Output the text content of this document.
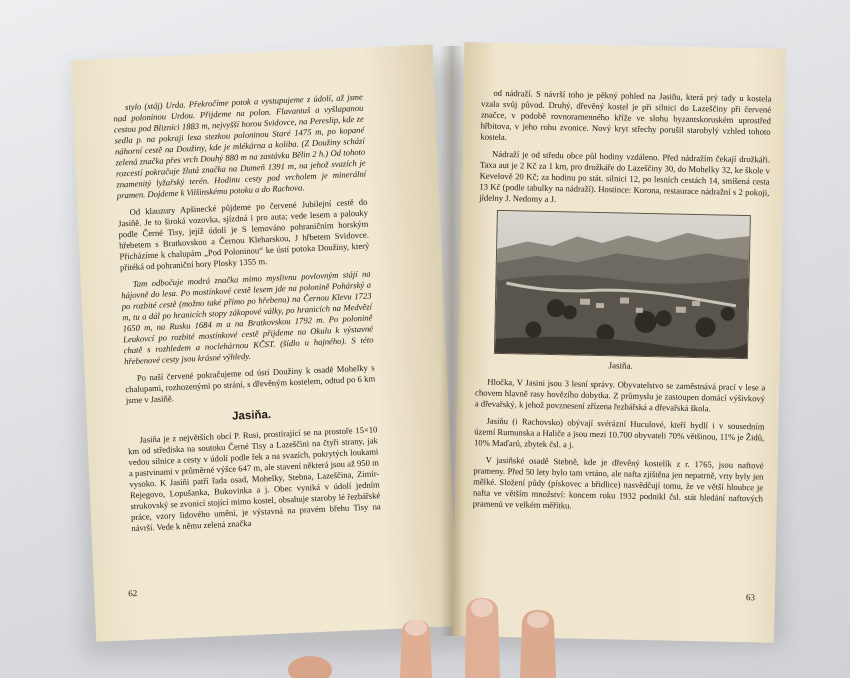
stylo (stáj) Urda. Překročíme potok a vystupujeme z údolí, až jsme nad poloninou Urdou. Přijdeme na polon. Flavantuš a vyšlapanou cestou pod Blizníci 1883 m, nejvyšší horou Svidovce, na Pereslip, kde ze sedla p. na pokraji lesa stezkou poloninou Staré 1475 m, po kopané náhorní cestě na Doužiny, kde je mlékárna a koliba. (Z Doužiny schází zelená značka přes vrch Douhý 880 m na zastávku Bělin 2 h.) Od tohoto rozcestí pokračuje žlutá značka na Dumeň 1391 m, na jehož svazích je znamenitý lyžařský terén. Hodinu cesty pod vrcholem je minerální pramen. Dojdeme k Vilšinskému potoku a do Rachova.

Od klauzury Apšinecké půjdeme po červené Jubilejní cestě do Jasiňě. Je to široká vozovka, sjízdná i pro auta; vede lesem a palouky podle Černé Tisy, jejíž údolí je S lemováno pohraničním horským hřebetem s Bratkovskou a Černou Kleharskou, J hřbetem Svidovce. Přicházíme k chalupám „Pod Poloninou“ ke ústí potoka Doužiny, který přitéká od pohraniční hory Plosky 1355 m.

Tam odbočuje modrá značka mimo myslivnu povlovným stájí na hájovně do lesa. Po mostínkové cestě lesem jde na polonině Pohárský a po rozbité cestě (možno také přímo po hřebenu) na Černou Klevu 1723 m, tu a dál po hranicích stopy zákopové války, po hranicích na Medvězí 1650 m, na Rusku 1684 m a na Bratkovskou 1792 m. Po polonině Leukovcí po rozbité mostínkové cestě přijdeme na Okulu k výstavné chatě s rozhledem a noclehárnou KČST. (šídlo u hajného). S této hřebenové cesty jsou krásné výhledy.

Po naší červené pokračujeme od ústí Doužiny k osadě Mohelky s chalupami, rozhozenými po strání, s dřevěným kostelem, odtud po 6 km jsme v Jasiňě.

Jasiňa.

Jasiňa je z největších obcí P. Rusi, prostírající se na prostoře 15×10 km od střediska na soutoku Černé Tisy a Lazeščini na čtyři strany, jak vedou silnice a cesty v údolí podle řek a na svazích, pokrytých loukami a pastvinami v průměrné výšce 647 m, ale stavení některá jsou až 950 m vysoko. K Jasiňi patří řada osad, Mohelky, Stebna, Lazeščina, Zimír-Rejegovo, Lopušanka, Bukovinka a j. Obec vyniká v údolí jedním strukovský se zvonicí stojící mimo kostel, obsahuje staroby lé řezbářské práce, vzory lidového umění, je výstavná na pravém břehu Tisy na návrší. Vede k němu zelená značka

62

od nádraží. S návrší toho je pěkný pohled na Jasiňu, která prý tady u kostela vzala svůj původ. Druhý, dřevěný kostel je při silnici do Lazeščiny při červené značce, v podobě rovnoramenného kříže ve slohu byzantskoruském uprostřed hřbitova, v jeho rohu zvonice. Nový kryt střechy porušil starobylý vzhled tohoto kostela.

Nádraží je od středu obce půl hodiny vzdáleno. Před nádražím čekají drožkáři. Taxa aut je 2 Kč za 1 km, pro drožkáře do Lazeščiny 30, do Mohelky 32, ke škole v Kevelově 20 Kč; za hodinu po stát. silnici 12, po lesních cestách 14, smíšená cesta 13 Kč (podle tabulky na nádraží). Hostince: Korona, restaurace nádražní s 2 pokoji, jídelny J. Nedomy a J.

Jasiňa.

Hločka, V Jasini jsou 3 lesní správy. Obyvatelstvo se zaměstnává prací v lese a chovem hlavně rasy hovězího dobytka. Z průmyslu je zastoupen domácí výšivkový a dřevařský, k jehož povznesení zřízena řezbářská a dřevařská škola.

Jasiňu (i Rachovsko) obývají svérázní Huculové, kteří bydlí i v sousedním území Rumunska a Haliče a jsou mezi 10.700 obyvateli 70% většinou, 11% je Židů, 10% Maďarů, zbytek čsl. a j.

V jasiňské osadě Stebně, kde je dřevěný kostelík z r. 1765, jsou naftové prameny. Před 50 lety bylo tam vrtáno, ale nafta zjištěna jen nepatrně, vrty byly jen mělké. Složení půdy (pískovec a břidlice) nasvědčují tomu, že ve větší hloubce je nafta ve větším množství: koncem roku 1932 podnikl čsl. stát hledání naftových pramenů ve velkém měřítku.

63
